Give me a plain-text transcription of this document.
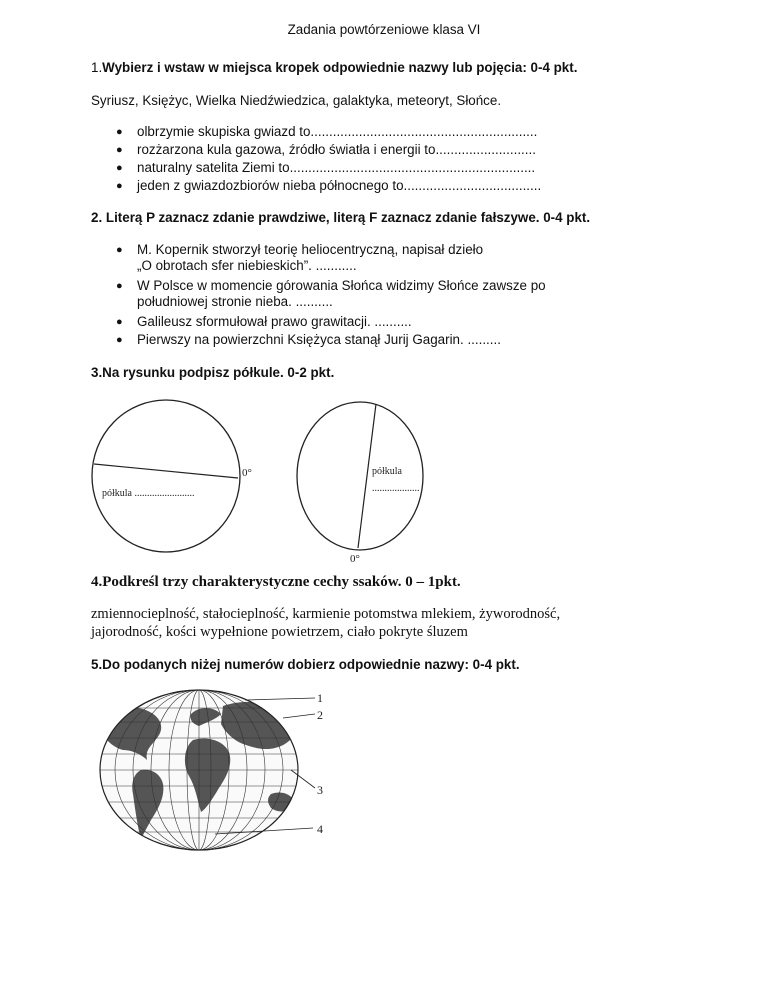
Zadania powtórzeniowe klasa VI
1.Wybierz i wstaw w miejsca kropek odpowiednie nazwy lub pojęcia: 0-4 pkt.
Syriusz, Księżyc, Wielka Niedźwiedzica, galaktyka, meteoryt, Słońce.
●	olbrzymie skupiska gwiazd to.............................................................
●	rozżarzona kula gazowa, źródło światła i energii to...........................
●	naturalny satelita Ziemi to..................................................................
●	jeden z gwiazdozbiorów nieba północnego to.....................................
2. Literą P zaznacz zdanie prawdziwe, literą F zaznacz zdanie fałszywe. 0-4 pkt.
●	M. Kopernik stworzył teorię heliocentryczną, napisał dzieło
„O obrotach sfer niebieskich”. ...........
●	W Polsce w momencie górowania Słońca widzimy Słońce zawsze po
południowej stronie nieba. ..........
●	Galileusz sformułował prawo grawitacji. ..........
●	Pierwszy na powierzchni Księżyca stanął Jurij Gagarin. .........
3.Na rysunku podpisz półkule. 0-2 pkt.
0°
półkula ........................
półkula
...................
0°
4.Podkreśl trzy charakterystyczne cechy ssaków. 0 – 1pkt.
zmiennocieplność, stałocieplność, karmienie potomstwa mlekiem, żyworodność,
jajorodność, kości wypełnione powietrzem, ciało pokryte śluzem
5.Do podanych niżej numerów dobierz odpowiednie nazwy: 0-4 pkt.
1
2
3
4
